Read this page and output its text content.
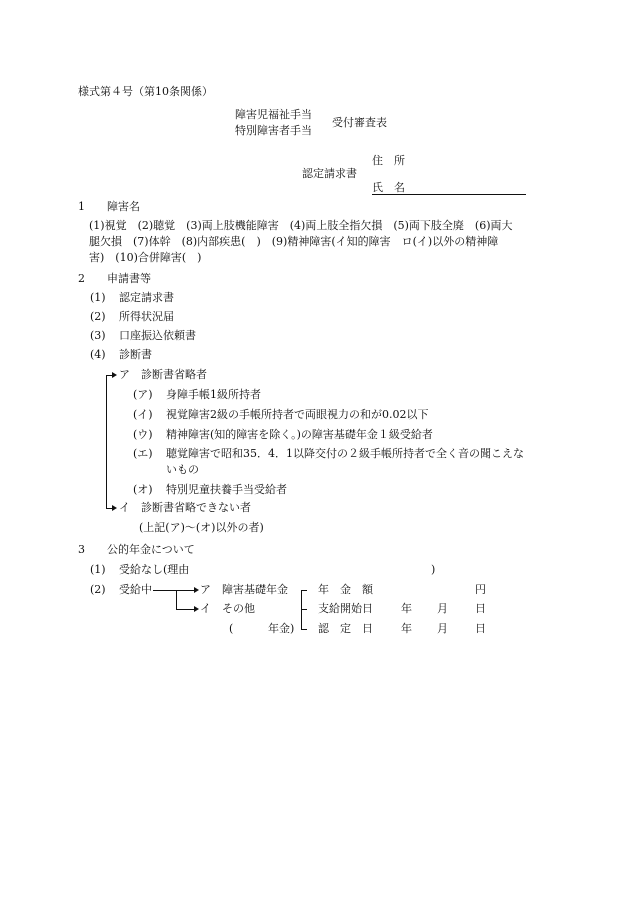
様式第４号（第10条関係）
障害児福祉手当
特別障害者手当
受付審査表
住　所
認定請求書
氏　名
1　　障害名
(1)視覚　(2)聴覚　(3)両上肢機能障害　(4)両上肢全指欠損　(5)両下肢全廃　(6)両大
腿欠損　(7)体幹　(8)内部疾患(　)　(9)精神障害(イ知的障害　ロ(イ)以外の精神障
害)　(10)合併障害(　)
2　　申請書等
(1) 認定請求書
(2) 所得状況届
(3) 口座振込依頼書
(4) 診断書
ア　診断書省略者
(ア) 身障手帳1級所持者
(イ) 視覚障害2級の手帳所持者で両眼視力の和が0.02以下
(ウ) 精神障害(知的障害を除く。)の障害基礎年金１級受給者
(エ) 聴覚障害で昭和35．4．1以降交付の２級手帳所持者で全く音の聞こえな
いもの
(オ) 特別児童扶養手当受給者
イ　診断書省略できない者
(上記(ア)～(オ)以外の者)
3　　公的年金について
(1) 受給なし(理由	)
(2) 受給中	ア　障害基礎年金
イ　その他
(	年金)
年　金　額	円
支給開始日	年 月 日
認　定　日	年 月 日
